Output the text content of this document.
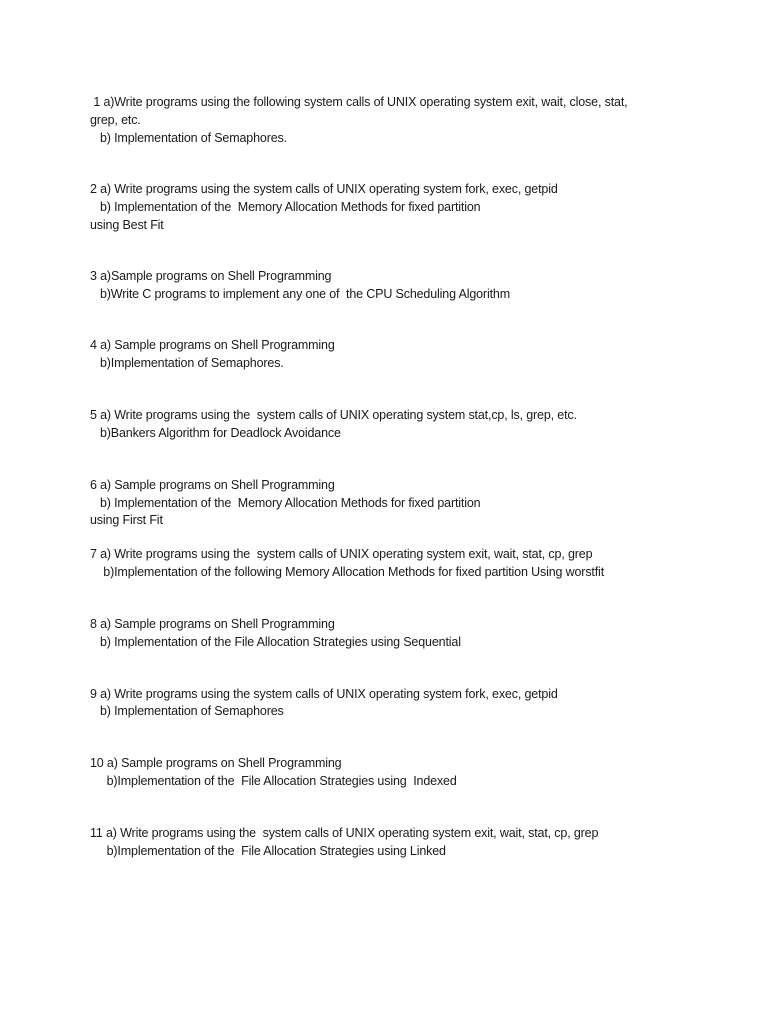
1 a)Write programs using the following system calls of UNIX operating system exit, wait, close, stat,
grep, etc.
b) Implementation of Semaphores.
2 a) Write programs using the system calls of UNIX operating system fork, exec, getpid
b) Implementation of the  Memory Allocation Methods for fixed partition
using Best Fit
3 a)Sample programs on Shell Programming
b)Write C programs to implement any one of  the CPU Scheduling Algorithm
4 a) Sample programs on Shell Programming
b)Implementation of Semaphores.
5 a) Write programs using the  system calls of UNIX operating system stat,cp, ls, grep, etc.
b)Bankers Algorithm for Deadlock Avoidance
6 a) Sample programs on Shell Programming
b) Implementation of the  Memory Allocation Methods for fixed partition
using First Fit
7 a) Write programs using the  system calls of UNIX operating system exit, wait, stat, cp, grep
b)Implementation of the following Memory Allocation Methods for fixed partition Using worstfit
8 a) Sample programs on Shell Programming
b) Implementation of the File Allocation Strategies using Sequential
9 a) Write programs using the system calls of UNIX operating system fork, exec, getpid
b) Implementation of Semaphores
10 a) Sample programs on Shell Programming
b)Implementation of the  File Allocation Strategies using  Indexed
11 a) Write programs using the  system calls of UNIX operating system exit, wait, stat, cp, grep
b)Implementation of the  File Allocation Strategies using Linked
